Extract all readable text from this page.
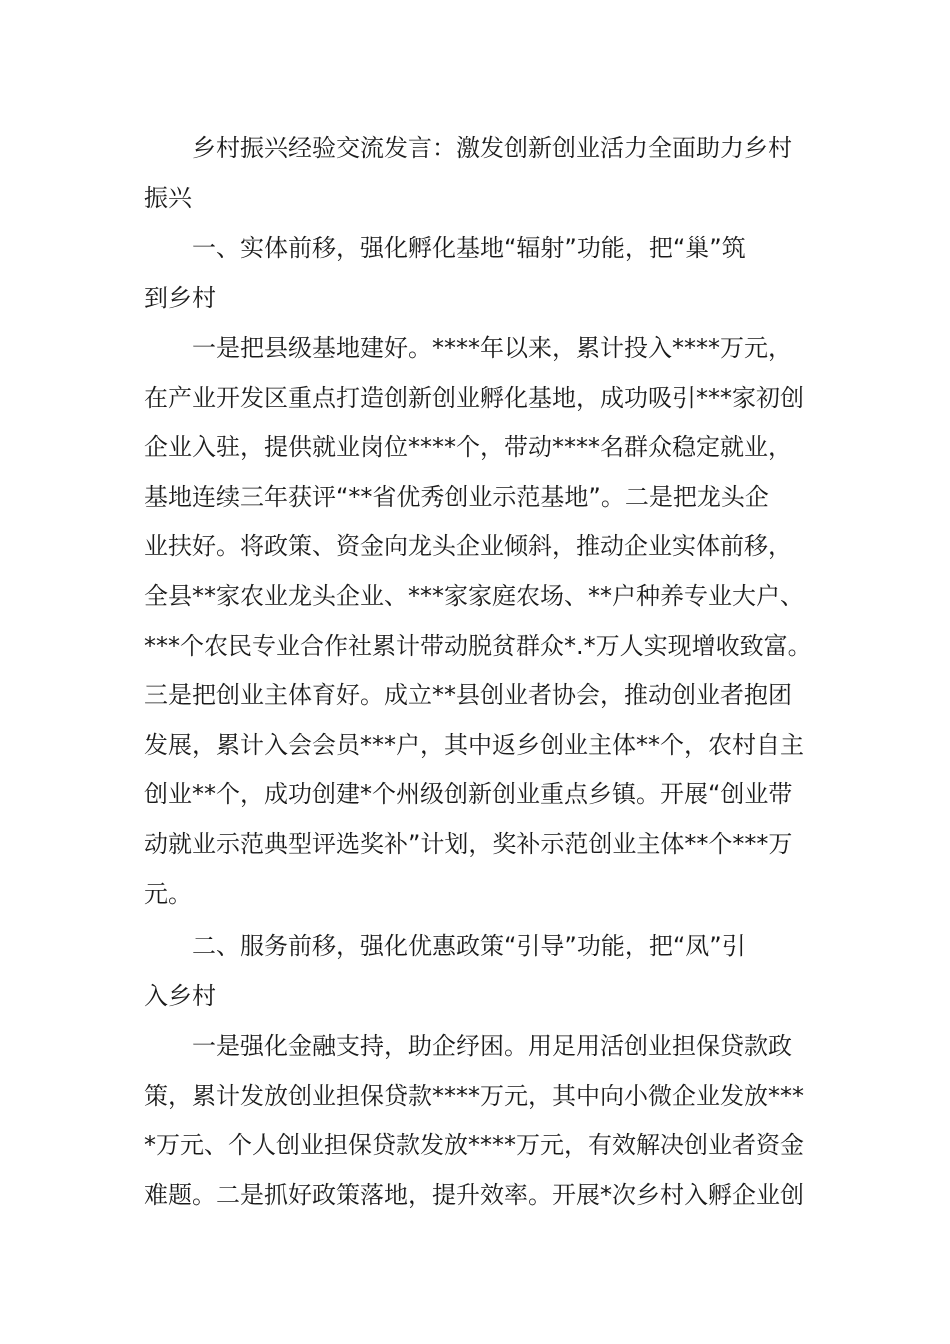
乡村振兴经验交流发言：激发创新创业活力全面助力乡村
振兴
一、实体前移，强化孵化基地“辐射”功能，把“巢”筑
到乡村
一是把县级基地建好。****年以来，累计投入****万元，
在产业开发区重点打造创新创业孵化基地，成功吸引***家初创
企业入驻，提供就业岗位****个，带动****名群众稳定就业，
基地连续三年获评“**省优秀创业示范基地”。二是把龙头企
业扶好。将政策、资金向龙头企业倾斜，推动企业实体前移，
全县**家农业龙头企业、***家家庭农场、**户种养专业大户、
***个农民专业合作社累计带动脱贫群众*.*万人实现增收致富。
三是把创业主体育好。成立**县创业者协会，推动创业者抱团
发展，累计入会会员***户，其中返乡创业主体**个，农村自主
创业**个，成功创建*个州级创新创业重点乡镇。开展“创业带
动就业示范典型评选奖补”计划，奖补示范创业主体**个***万
元。
二、服务前移，强化优惠政策“引导”功能，把“凤”引
入乡村
一是强化金融支持，助企纾困。用足用活创业担保贷款政
策，累计发放创业担保贷款****万元，其中向小微企业发放***
*万元、个人创业担保贷款发放****万元，有效解决创业者资金
难题。二是抓好政策落地，提升效率。开展*次乡村入孵企业创
